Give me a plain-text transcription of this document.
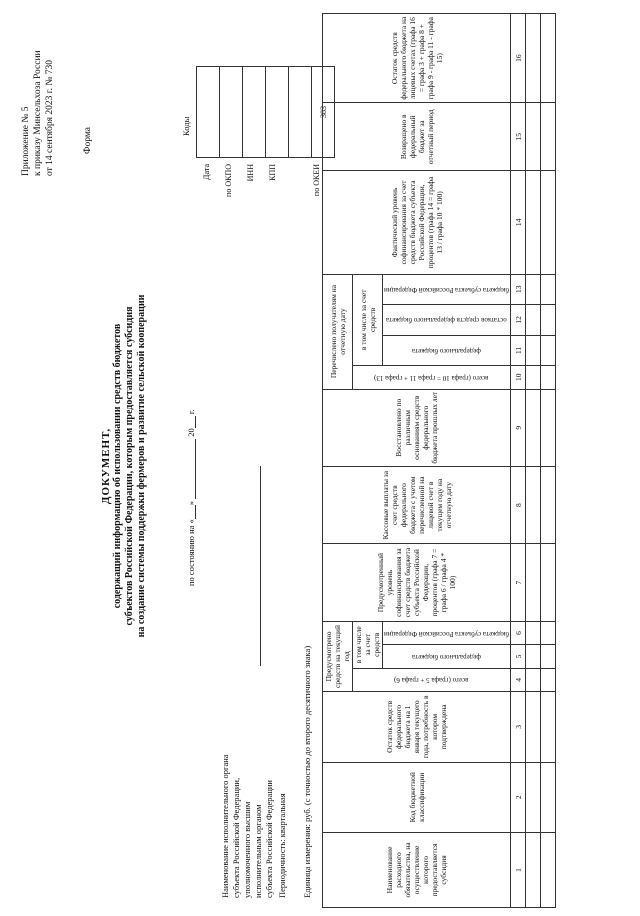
Приложение № 5 к приказу Минсельхоза России от 14 сентября 2023 г. № 730	Форма
ДОКУМЕНТ, содержащий информацию об использовании средств бюджетов субъектов Российской Федерации, которым предоставляется субсидия на создание системы поддержки фермеров и развитие сельской кооперации	по состоянию на «»  20 г.
Наименование исполнительного органа субъекта Российской Федерации, уполномоченного высшим исполнительным органом субъекта Российской Федерации Периодичность: квартальная Единица измерения: руб. (с точностью до второго десятичного знака)
Коды
383
Дата по ОКПО ИНН КПП	по ОКЕИ
Наименование расходного обязательства, на осуществление которого предоставляется субсидия	Код бюджетной классификации	Остаток средств федерального бюджета на 1 января текущего года, потребность в котором подтверждена	Предусмотрено средств на текущий год			Предусмотренный уровень софинансирования за счет средств бюджета субъекта Российской Федерации, процентов (графа 7 = графа 6 / графа 4 * 100)	Кассовые выплаты за счет средств федерального бюджета с учетом перечисленной на лицевой счет в текущем году на отчетную дату	Восстановлено по различным основаниям средств федерального бюджета прошлых лет	Перечислено получателям на отчетную дату				Фактический уровень софинансирования за счет средств бюджета субъекта Российской Федерации, процентов (графа 14 = графа 13 / графа 10 * 100)	Возвращено в федеральный бюджет за отчетный период	Остаток средств федерального бюджета на лицевых счетах (графа 16 = графа 3 + графа 8 + графа 9 - графа 11 - графа 15)

			всего (графа 5 + графа 6)	в том числе за счет средств					всего (графа 10 = графа 11 + графа 13)	в том числе за счет средств					

				федерального бюджета	бюджета субъекта Российской Федерации					федерального бюджета	остатков средств федерального бюджета	бюджета субъекта Российской Федерации			

1	2	3	4	5	6	7	8	9	10	11	12	13	14	15	16
